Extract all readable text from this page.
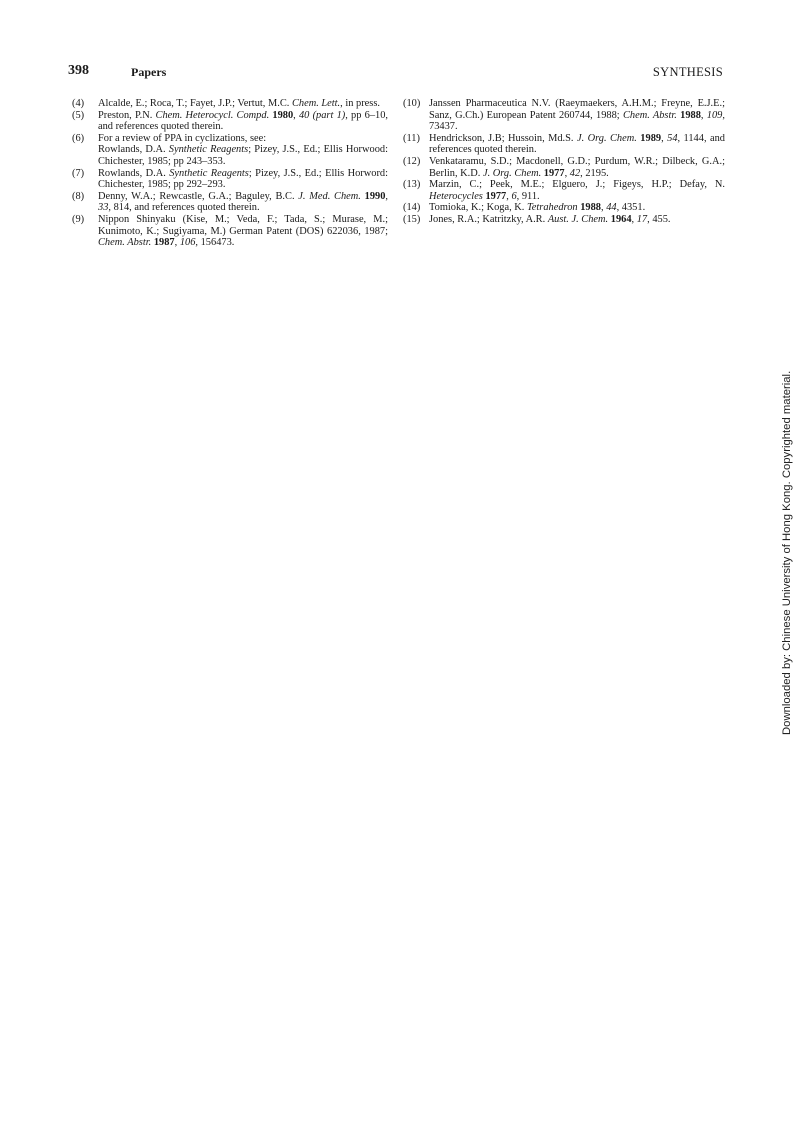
398	Papers	SYNTHESIS

(4) Alcalde, E.; Roca, T.; Fayet, J.P.; Vertut, M.C. Chem. Lett., in press.

(5) Preston, P.N. Chem. Heterocycl. Compd. 1980, 40 (part 1), pp 6–10, and references quoted therein.

(6) For a review of PPA in cyclizations, see:
Rowlands, D.A. Synthetic Reagents; Pizey, J.S., Ed.; Ellis Horwood: Chichester, 1985; pp 243–353.

(7) Rowlands, D.A. Synthetic Reagents; Pizey, J.S., Ed.; Ellis Horword: Chichester, 1985; pp 292–293.

(8) Denny, W.A.; Rewcastle, G.A.; Baguley, B.C. J. Med. Chem. 1990, 33, 814, and references quoted therein.

(9) Nippon Shinyaku (Kise, M.; Veda, F.; Tada, S.; Murase, M.; Kunimoto, K.; Sugiyama, M.) German Patent (DOS) 622036, 1987; Chem. Abstr. 1987, 106, 156473.

(10) Janssen Pharmaceutica N.V. (Raeymaekers, A.H.M.; Freyne, E.J.E.; Sanz, G.Ch.) European Patent 260744, 1988; Chem. Abstr. 1988, 109, 73437.

(11) Hendrickson, J.B; Hussoin, Md.S. J. Org. Chem. 1989, 54, 1144, and references quoted therein.

(12) Venkataramu, S.D.; Macdonell, G.D.; Purdum, W.R.; Dilbeck, G.A.; Berlin, K.D. J. Org. Chem. 1977, 42, 2195.

(13) Marzin, C.; Peek, M.E.; Elguero, J.; Figeys, H.P.; Defay, N. Heterocycles 1977, 6, 911.

(14) Tomioka, K.; Koga, K. Tetrahedron 1988, 44, 4351.

(15) Jones, R.A.; Katritzky, A.R. Aust. J. Chem. 1964, 17, 455.

Downloaded by: Chinese University of Hong Kong. Copyrighted material.
